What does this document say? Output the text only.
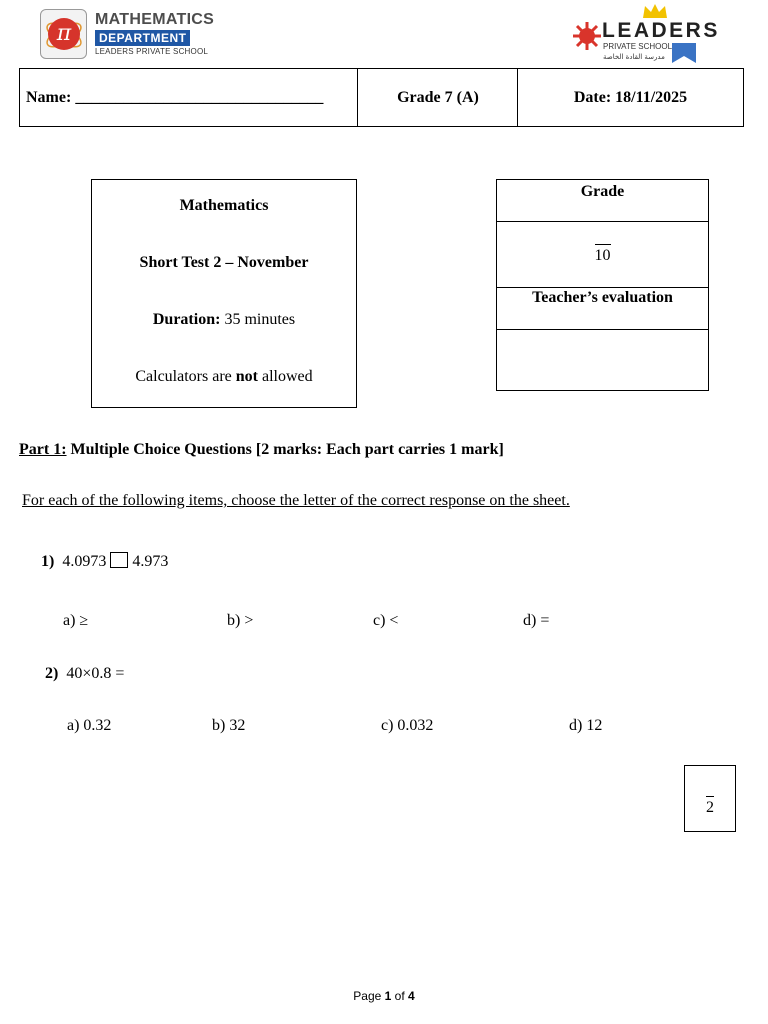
π
MATHEMATICS
DEPARTMENT
LEADERS PRIVATE SCHOOL
LEADERS
PRIVATE SCHOOL
مدرسة القادة الخاصة
Name:
_______________________________	Grade 7 (A)	Date: 18/11/2025
Mathematics
Short Test 2 – November
Duration: 35 minutes
Calculators are not allowed
Grade
10
Teacher’s evaluation
Part 1: Multiple Choice Questions [2 marks: Each part carries 1 mark]
For each of the following items, choose the letter of the correct response on the sheet.
1) 4.0973 4.973
a) ≥	b) >	c) <	d) =
2) 40×0.8 =
a) 0.32	b) 32	c) 0.032	d) 12
2
Page 1 of 4
